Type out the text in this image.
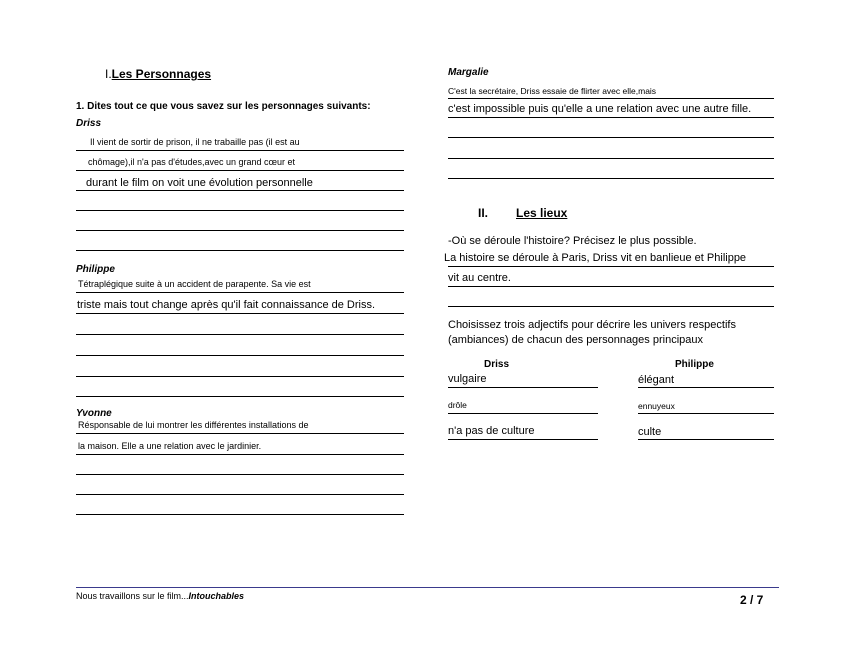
I.Les Personnages
1. Dites tout ce que vous savez sur les personnages suivants:
Driss
Il vient de sortir de prison, il ne trabaille pas (il est au
chômage),il n'a pas d'études,avec un grand cœur et
durant le film on voit une évolution personnelle
Philippe
Tétraplégique suite à un accident de parapente. Sa vie est
triste mais tout change après qu'il fait connaissance de Driss.
Yvonne
Résponsable de lui montrer les différentes installations de
la maison. Elle a une relation avec le jardinier.
Margalie
C'est la secrétaire, Driss essaie de flirter avec elle,mais
c'est impossible puis qu'elle a une relation avec une autre fille.
II. Les lieux
-Où se déroule l'histoire? Précisez le plus possible.
La histoire se déroule à Paris, Driss vit en banlieue et Philippe
vit au centre.
Choisissez trois adjectifs pour décrire les univers respectifs
(ambiances) de chacun des personnages principaux
Driss	Philippe
vulgaire	élégant
drôle	ennuyeux
n'a pas de culture	culte
Nous travaillons sur le film...Intouchables	2 / 7
